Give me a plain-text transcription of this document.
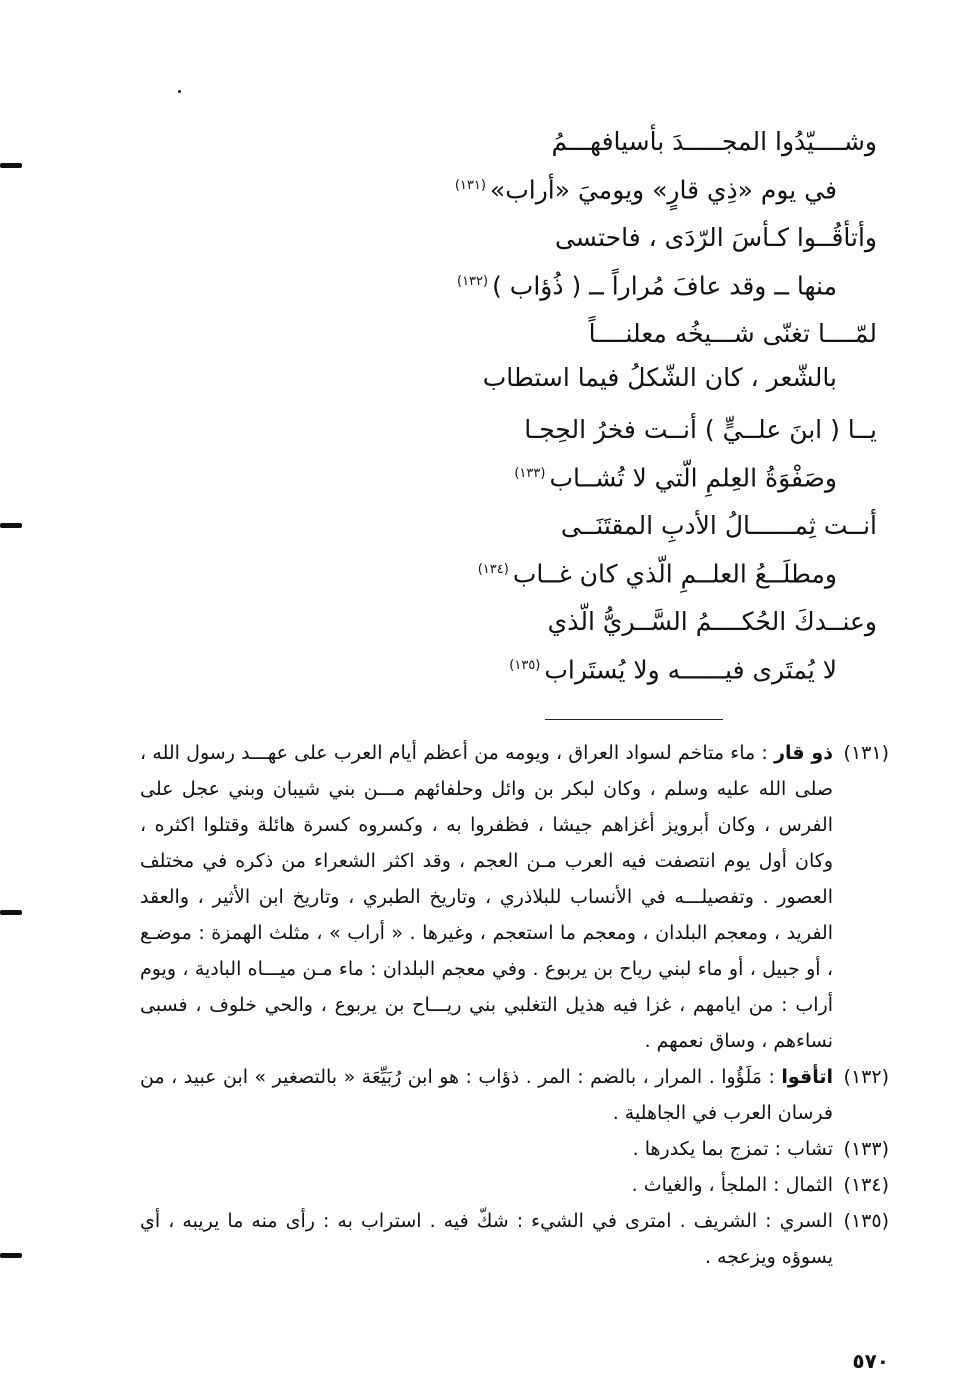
وشــــيّدُوا المجـــــدَ بأسيافهـــمُ
في يوم «ذِي قارٍ» ويوميَ «أراب»$^{(١٣١)}$
وأتأقُــوا كـأسَ الرّدَى ، فاحتسى
منها ــ وقد عافَ مُراراً ــ ( ذُؤاب )$^{(١٣٢)}$
لمّــــا تغنّى شـــيخُه معلنــــاً
بالشّعر ، كان الشّكلُ فيما استطاب
يــا ( ابنَ علــيٍّ ) أنــت فخرُ الحِجـا
وصَفْوَةُ العِلمِ الّتي لا تُشــاب$^{(١٣٣)}$
أنــت ثِمــــــالُ الأدبِ المقتَنَــى
ومطلَــعُ العلــمِ الّذي كان غــاب$^{(١٣٤)}$
وعنــدكَ الحُكــــمُ السَّــريُّ الّذي
لا يُمتَرى فيــــــه ولا يُستَراب$^{(١٣٥)}$
(١٣١)
ذو قار : ماء متاخم لسواد العراق ، ويومه من أعظم أيام العرب على عهـــد رسول الله ، صلى الله عليه وسلم ، وكان لبكر بن وائل وحلفائهم مـــن بني شيبان وبني عجل على الفرس ، وكان أبرويز أغزاهم جيشا ، فظفروا به ، وكسروه كسرة هائلة وقتلوا اكثره ، وكان أول يوم انتصفت فيه العرب مـن العجم ، وقد اكثر الشعراء من ذكره في مختلف العصور . وتفصيلـــه في الأنساب للبلاذري ، وتاريخ الطبري ، وتاريخ ابن الأثير ، والعقد الفريد ، ومعجم البلدان ، ومعجم ما استعجم ، وغيرها . « أراب » ، مثلث الهمزة : موضـع ، أو جبيل ، أو ماء لبني رياح بن يربوع . وفي معجم البلدان : ماء مـن ميـــاه البادية ، ويوم أراب : من ايامهم ، غزا فيه هذيل التغلبي بني ريـــاح بن يربوع ، والحي خلوف ، فسبى نساءهم ، وساق نعمهم .
(١٣٢)
اتأقوا : مَلَؤُوا . المرار ، بالضم : المر . ذؤاب : هو ابن رُبَيِّعَة « بالتصغير » ابن عبيد ، من فرسان العرب في الجاهلية .
(١٣٣)
تشاب : تمزج بما يكدرها .
(١٣٤)
الثمال : الملجأ ، والغياث .
(١٣٥)
السري : الشريف . امترى في الشيء : شكّ فيه . استراب به : رأى منه ما يريبه ، أي يسوؤه ويزعجه .
٥٧٠
